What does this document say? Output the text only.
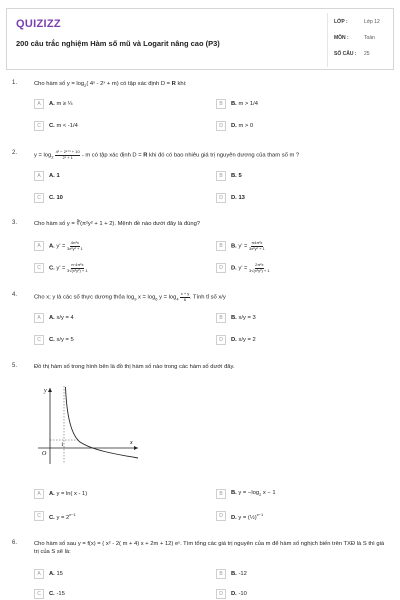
QUIZIZZ
200 câu trắc nghiệm Hàm số mũ và Logarit nâng cao (P3)
LỚP :	Lớp 12
MÔN :	Toán
SỐ CÂU :	25
1.	Cho hàm số $y = \log_2$( 4ˣ - 2ˣ + m) có tập xác định D = R khi:
A	A. m ≥ ¼	B	B. m > 1/4
C	C. m < -1/4	D	D. m > 0
2.	$y = \log_2 \frac{\text{4ˣ − 2ˣ⁺¹ + 10}}{\text{2ˣ + 1}} - m$ có tập xác định D = R khi đó có bao nhiêu giá trị nguyên dương của tham số m ?
A	A. 1	B	B. 5
C	C. 10	D	D. 13
3.	Cho hàm số y = ∛(π²y² + 1 + 2). Mệnh đề nào dưới đây là đúng?
A	A. $y' = \frac{\text{4π²x}}{\text{3x²y² + 1}}$	B	B. $y' = \frac{\text{π4π²x}}{\text{3x²y² + 1}}$
C	C. $y' = \frac{\text{π·4π²x}}{\text{3√(x²y²) + 1}}$	D	D. $y' = \frac{\text{2π²x}}{\text{3√(x²y²) + 1}}$
4.	Cho x; y là các số thực dương thỏa $\log_9 x = \log_6 y = \log_4 \frac{x + y}{6}$ . Tính tỉ số x/y
A	A. x/y = 4	B	B. x/y = 3
C	C. x/y = 5	D	D. x/y = 2
5.	Đồ thị hàm số trong hình bên là đồ thị hàm số nào trong các hàm số dưới đây.
y
x
O
1
A	A. y = ln( x - 1)	B	B. $y = -\log_2$ x − 1
C	C. $y = 2^{x-1}$	D	D. y = (½)$^{x-1}$
6.	Cho hàm số sau y = f(x) = ( x² - 2( m + 4) x + 2m + 12) eˣ. Tìm tổng các giá trị nguyên của m để hàm số nghịch biến trên TXĐ là S thì giá trị của S sẽ là:
A	A. 15	B	B. -12
C	C. -15	D	D. -10
